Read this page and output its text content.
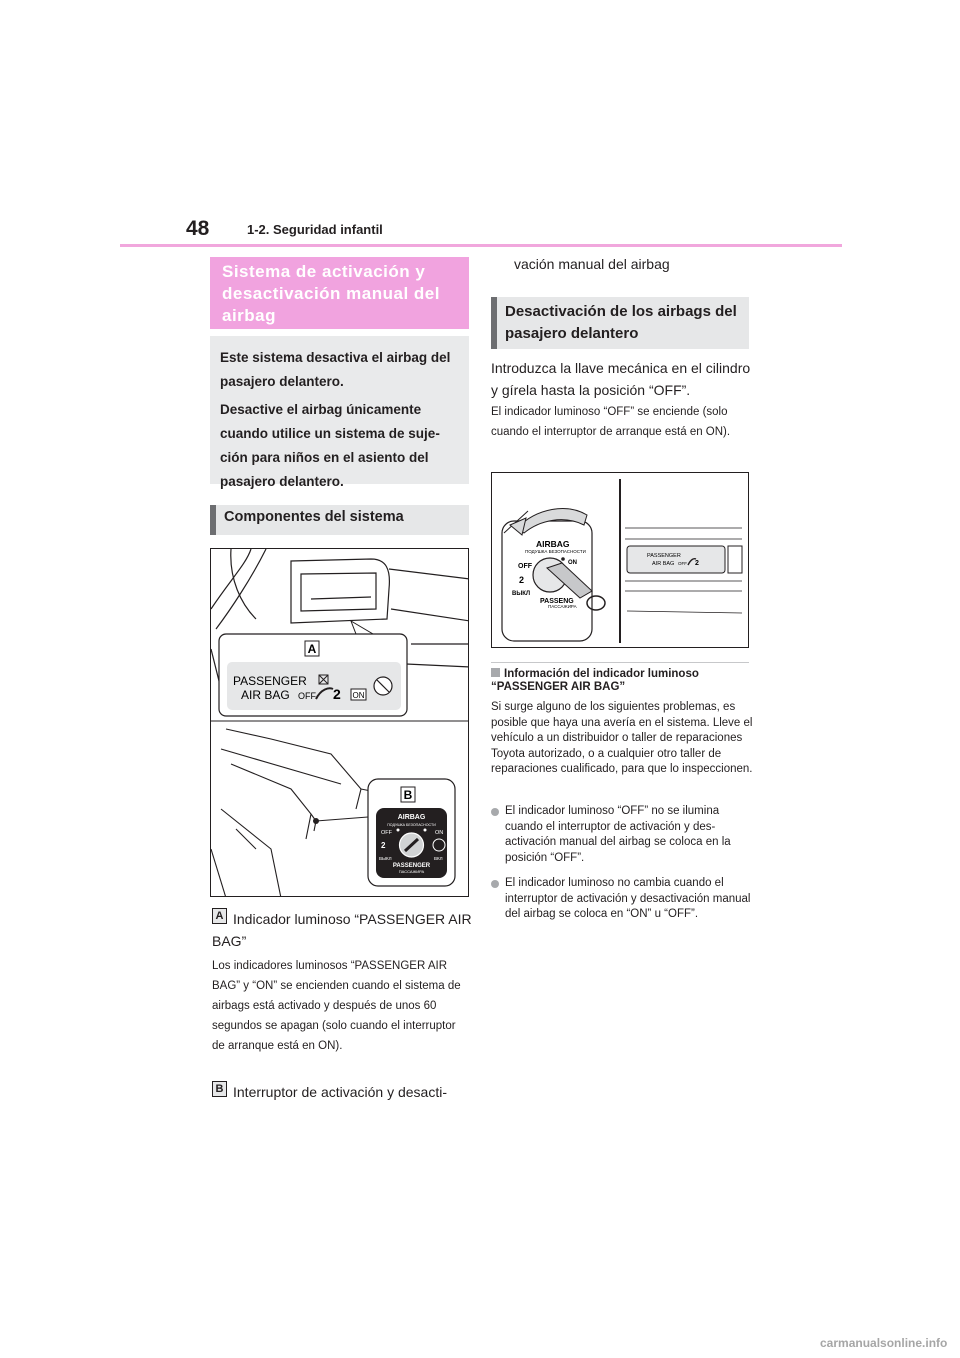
48	1-2. Seguridad infantil
Sistema de activación y desactivación manual del airbag

Este sistema desactiva el airbag del pasajero delantero.

Desactive el airbag únicamente cuando utilice un sistema de sujeción para niños en el asiento del pasajero delantero.

Componentes del sistema
A
PASSENGER
AIR BAG OFF 2 ON
B
AIRBAG
ПОДУШКА БЕЗОПАСНОСТИ
OFF	ON
2
ВЫКЛ	ВКЛ
PASSENGER
ПАССАЖИРА
A Indicador luminoso “PASSENGER AIR BAG”
Los indicadores luminosos “PASSENGER AIR BAG” y “ON” se encienden cuando el sistema de airbags está activado y después de unos 60 segundos se apagan (solo cuando el interruptor de arranque está en ON).
B Interruptor de activación y desacti-
vación manual del airbag
Desactivación de los airbags del pasajero delantero
Introduzca la llave mecánica en el cilindro y gírela hasta la posición “OFF”.
El indicador luminoso “OFF” se enciende (solo cuando el interruptor de arranque está en ON).
AIRBAG
ПОДУШКА БЕЗОПАСНОСТИ
OFF	ON
2
ВЫКЛ
PASSENG
ПАССАЖИРА
PASSENGER
AIR BAG OFF 2
Información del indicador luminoso “PASSENGER AIR BAG”
Si surge alguno de los siguientes problemas, es posible que haya una avería en el sistema. Lleve el vehículo a un distribuidor o taller de reparaciones Toyota autorizado, o a cualquier otro taller de reparaciones cualificado, para que lo inspeccionen.
El indicador luminoso “OFF” no se ilumina cuando el interruptor de activación y desactivación manual del airbag se coloca en la posición “OFF”.
El indicador luminoso no cambia cuando el interruptor de activación y desactivación manual del airbag se coloca en “ON” u “OFF”.
carmanualsonline.info
